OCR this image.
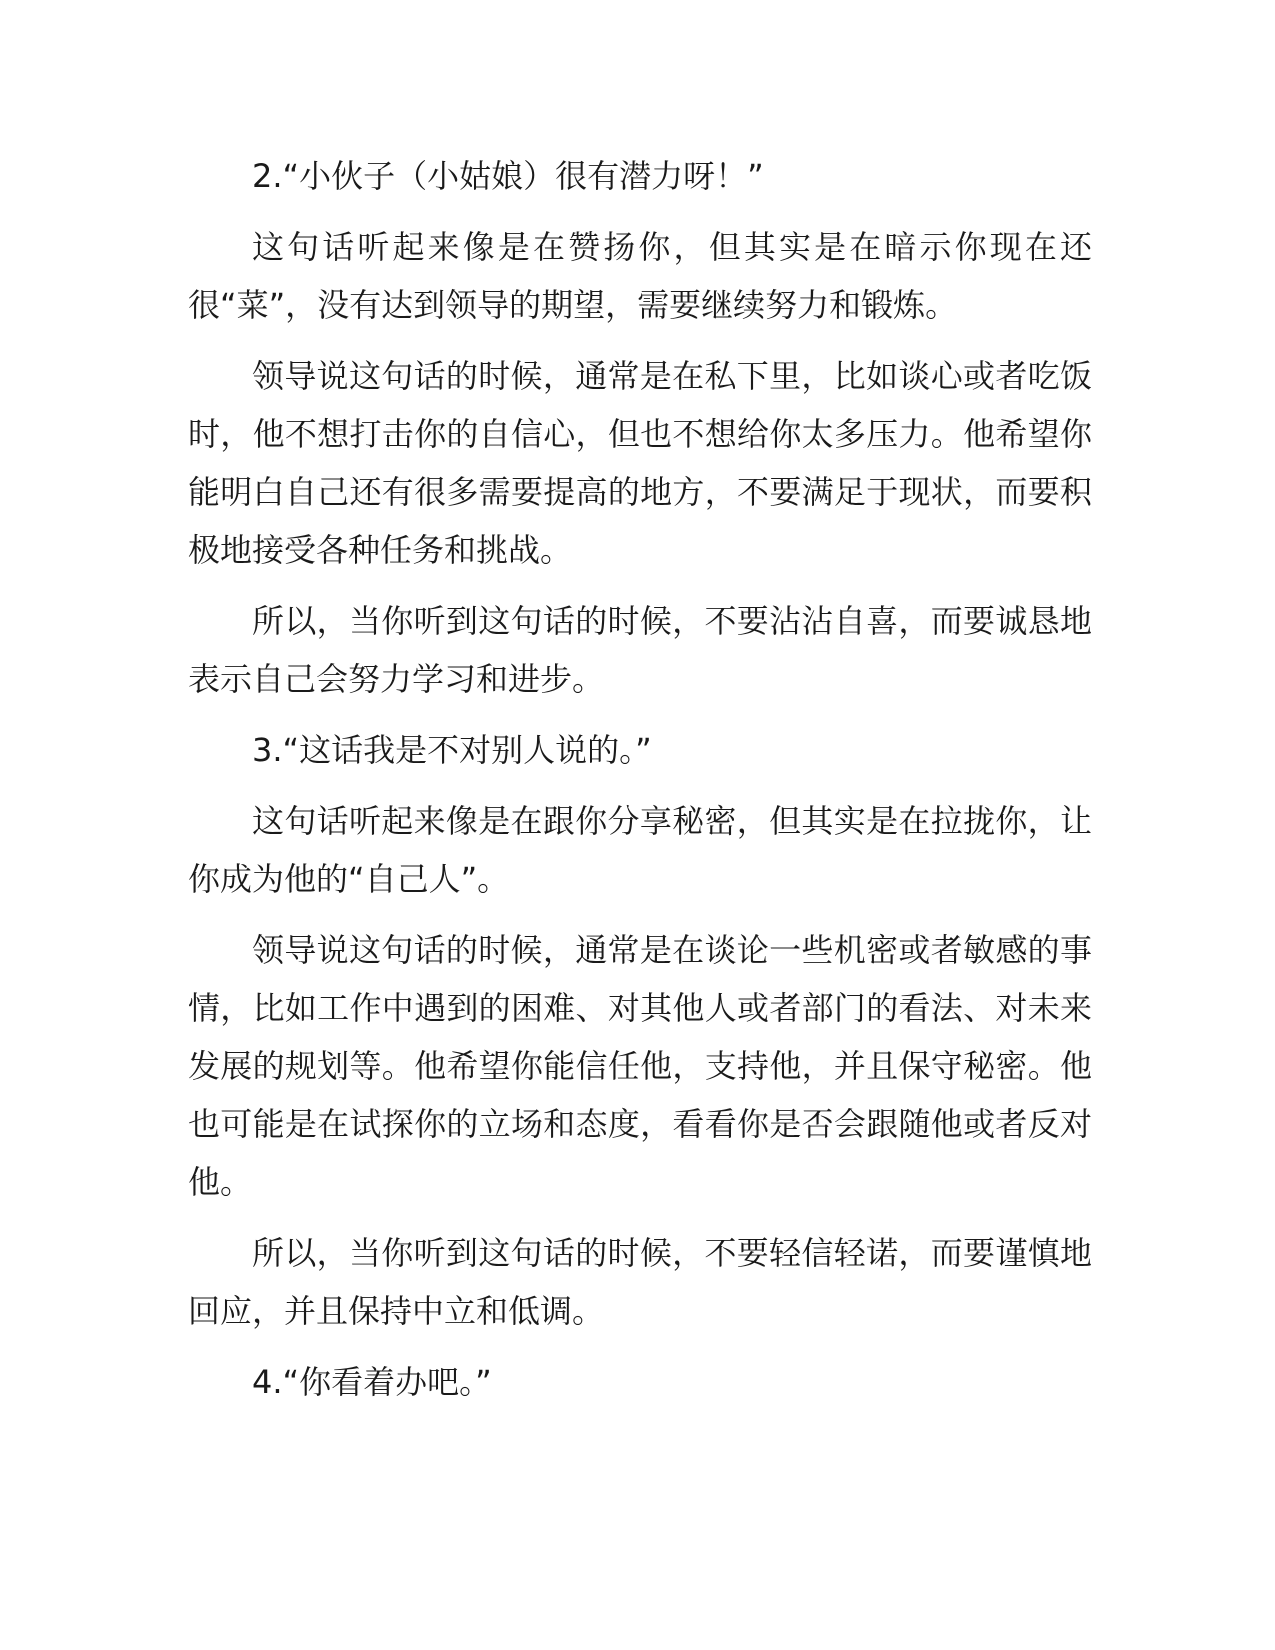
2.“小伙子（小姑娘）很有潜力呀！”

这句话听起来像是在赞扬你，但其实是在暗示你现在还很“菜”，没有达到领导的期望，需要继续努力和锻炼。

领导说这句话的时候，通常是在私下里，比如谈心或者吃饭时，他不想打击你的自信心，但也不想给你太多压力。他希望你能明白自己还有很多需要提高的地方，不要满足于现状，而要积极地接受各种任务和挑战。

所以，当你听到这句话的时候，不要沾沾自喜，而要诚恳地表示自己会努力学习和进步。

3.“这话我是不对别人说的。”

这句话听起来像是在跟你分享秘密，但其实是在拉拢你，让你成为他的“自己人”。

领导说这句话的时候，通常是在谈论一些机密或者敏感的事情，比如工作中遇到的困难、对其他人或者部门的看法、对未来发展的规划等。他希望你能信任他，支持他，并且保守秘密。他也可能是在试探你的立场和态度，看看你是否会跟随他或者反对他。

所以，当你听到这句话的时候，不要轻信轻诺，而要谨慎地回应，并且保持中立和低调。

4.“你看着办吧。”
